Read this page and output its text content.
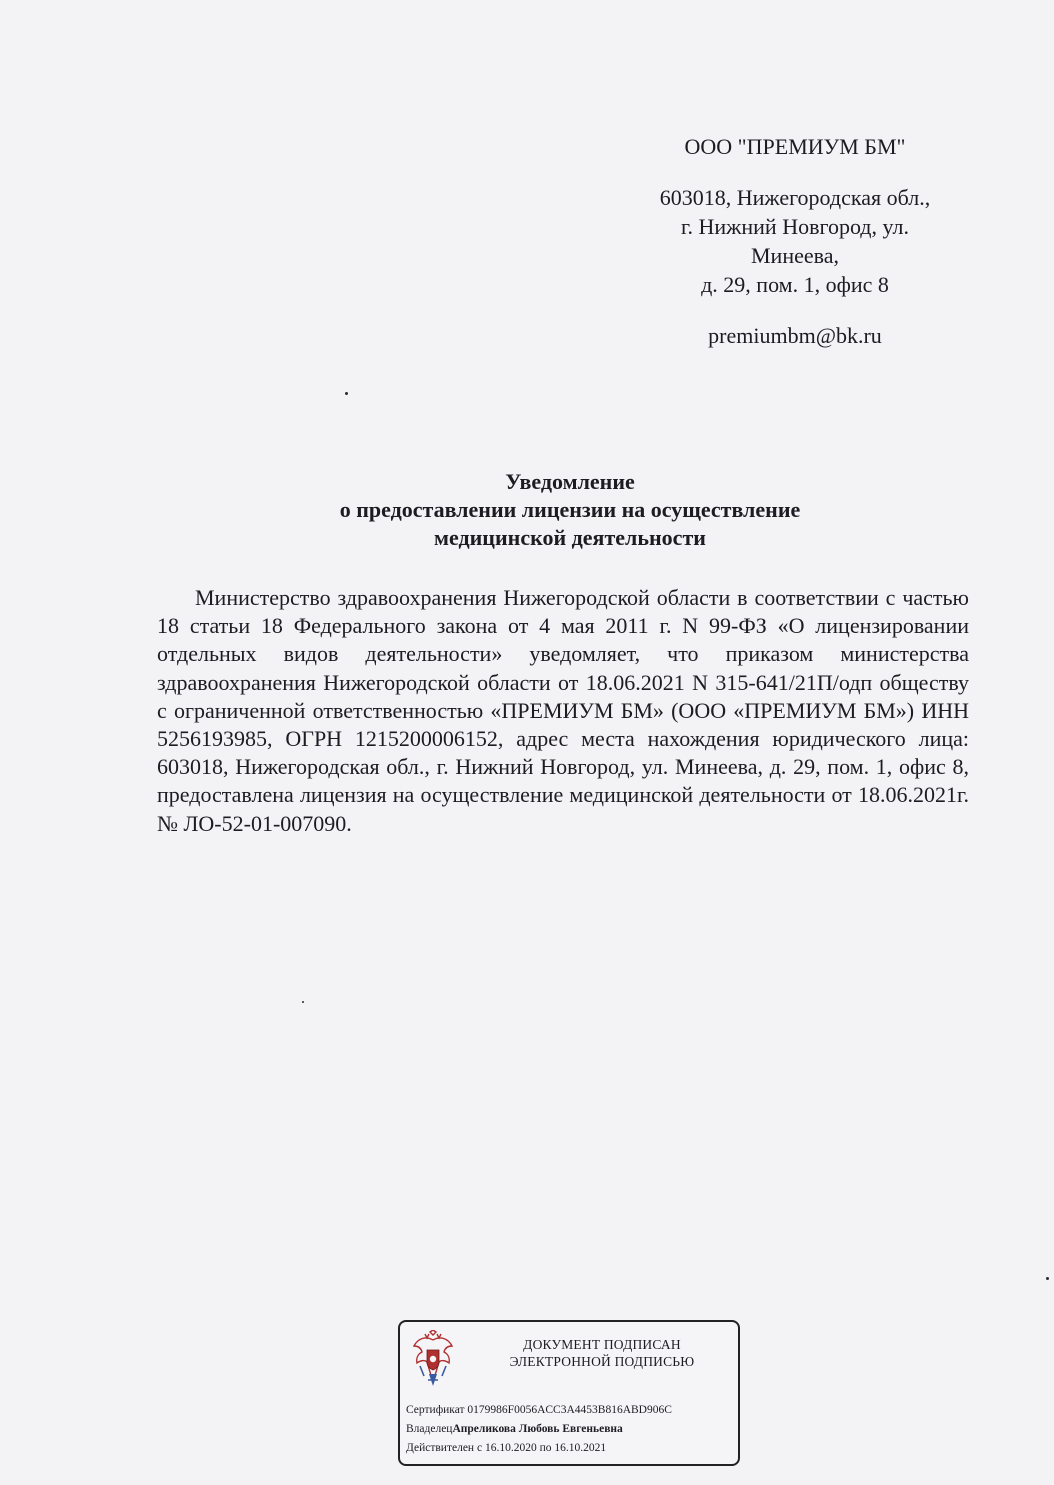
ООО "ПРЕМИУМ БМ"
603018, Нижегородская обл.,
г. Нижний Новгород, ул.
Минеева,
д. 29, пом. 1, офис 8
premiumbm@bk.ru
Уведомление
о предоставлении лицензии на осуществление
медицинской деятельности

Министерство здравоохранения Нижегородской области в соответствии с частью 18 статьи 18 Федерального закона от 4 мая 2011 г. N 99-ФЗ «О лицензировании отдельных видов деятельности» уведомляет, что приказом министерства здравоохранения Нижегородской области от 18.06.2021 N 315-641/21П/одп обществу с ограниченной ответственностью «ПРЕМИУМ БМ» (ООО «ПРЕМИУМ БМ») ИНН 5256193985, ОГРН 1215200006152, адрес места нахождения юридического лица: 603018, Нижегородская обл., г. Нижний Новгород, ул. Минеева, д. 29, пом. 1, офис 8, предоставлена лицензия на осуществление медицинской деятельности от 18.06.2021г. № ЛО-52-01-007090.

ДОКУМЕНТ ПОДПИСАН
ЭЛЕКТРОННОЙ ПОДПИСЬЮ
Сертификат 0179986F0056ACC3A4453B816ABD906C
ВладелецАпреликова Любовь Евгеньевна
Действителен с 16.10.2020 по 16.10.2021
